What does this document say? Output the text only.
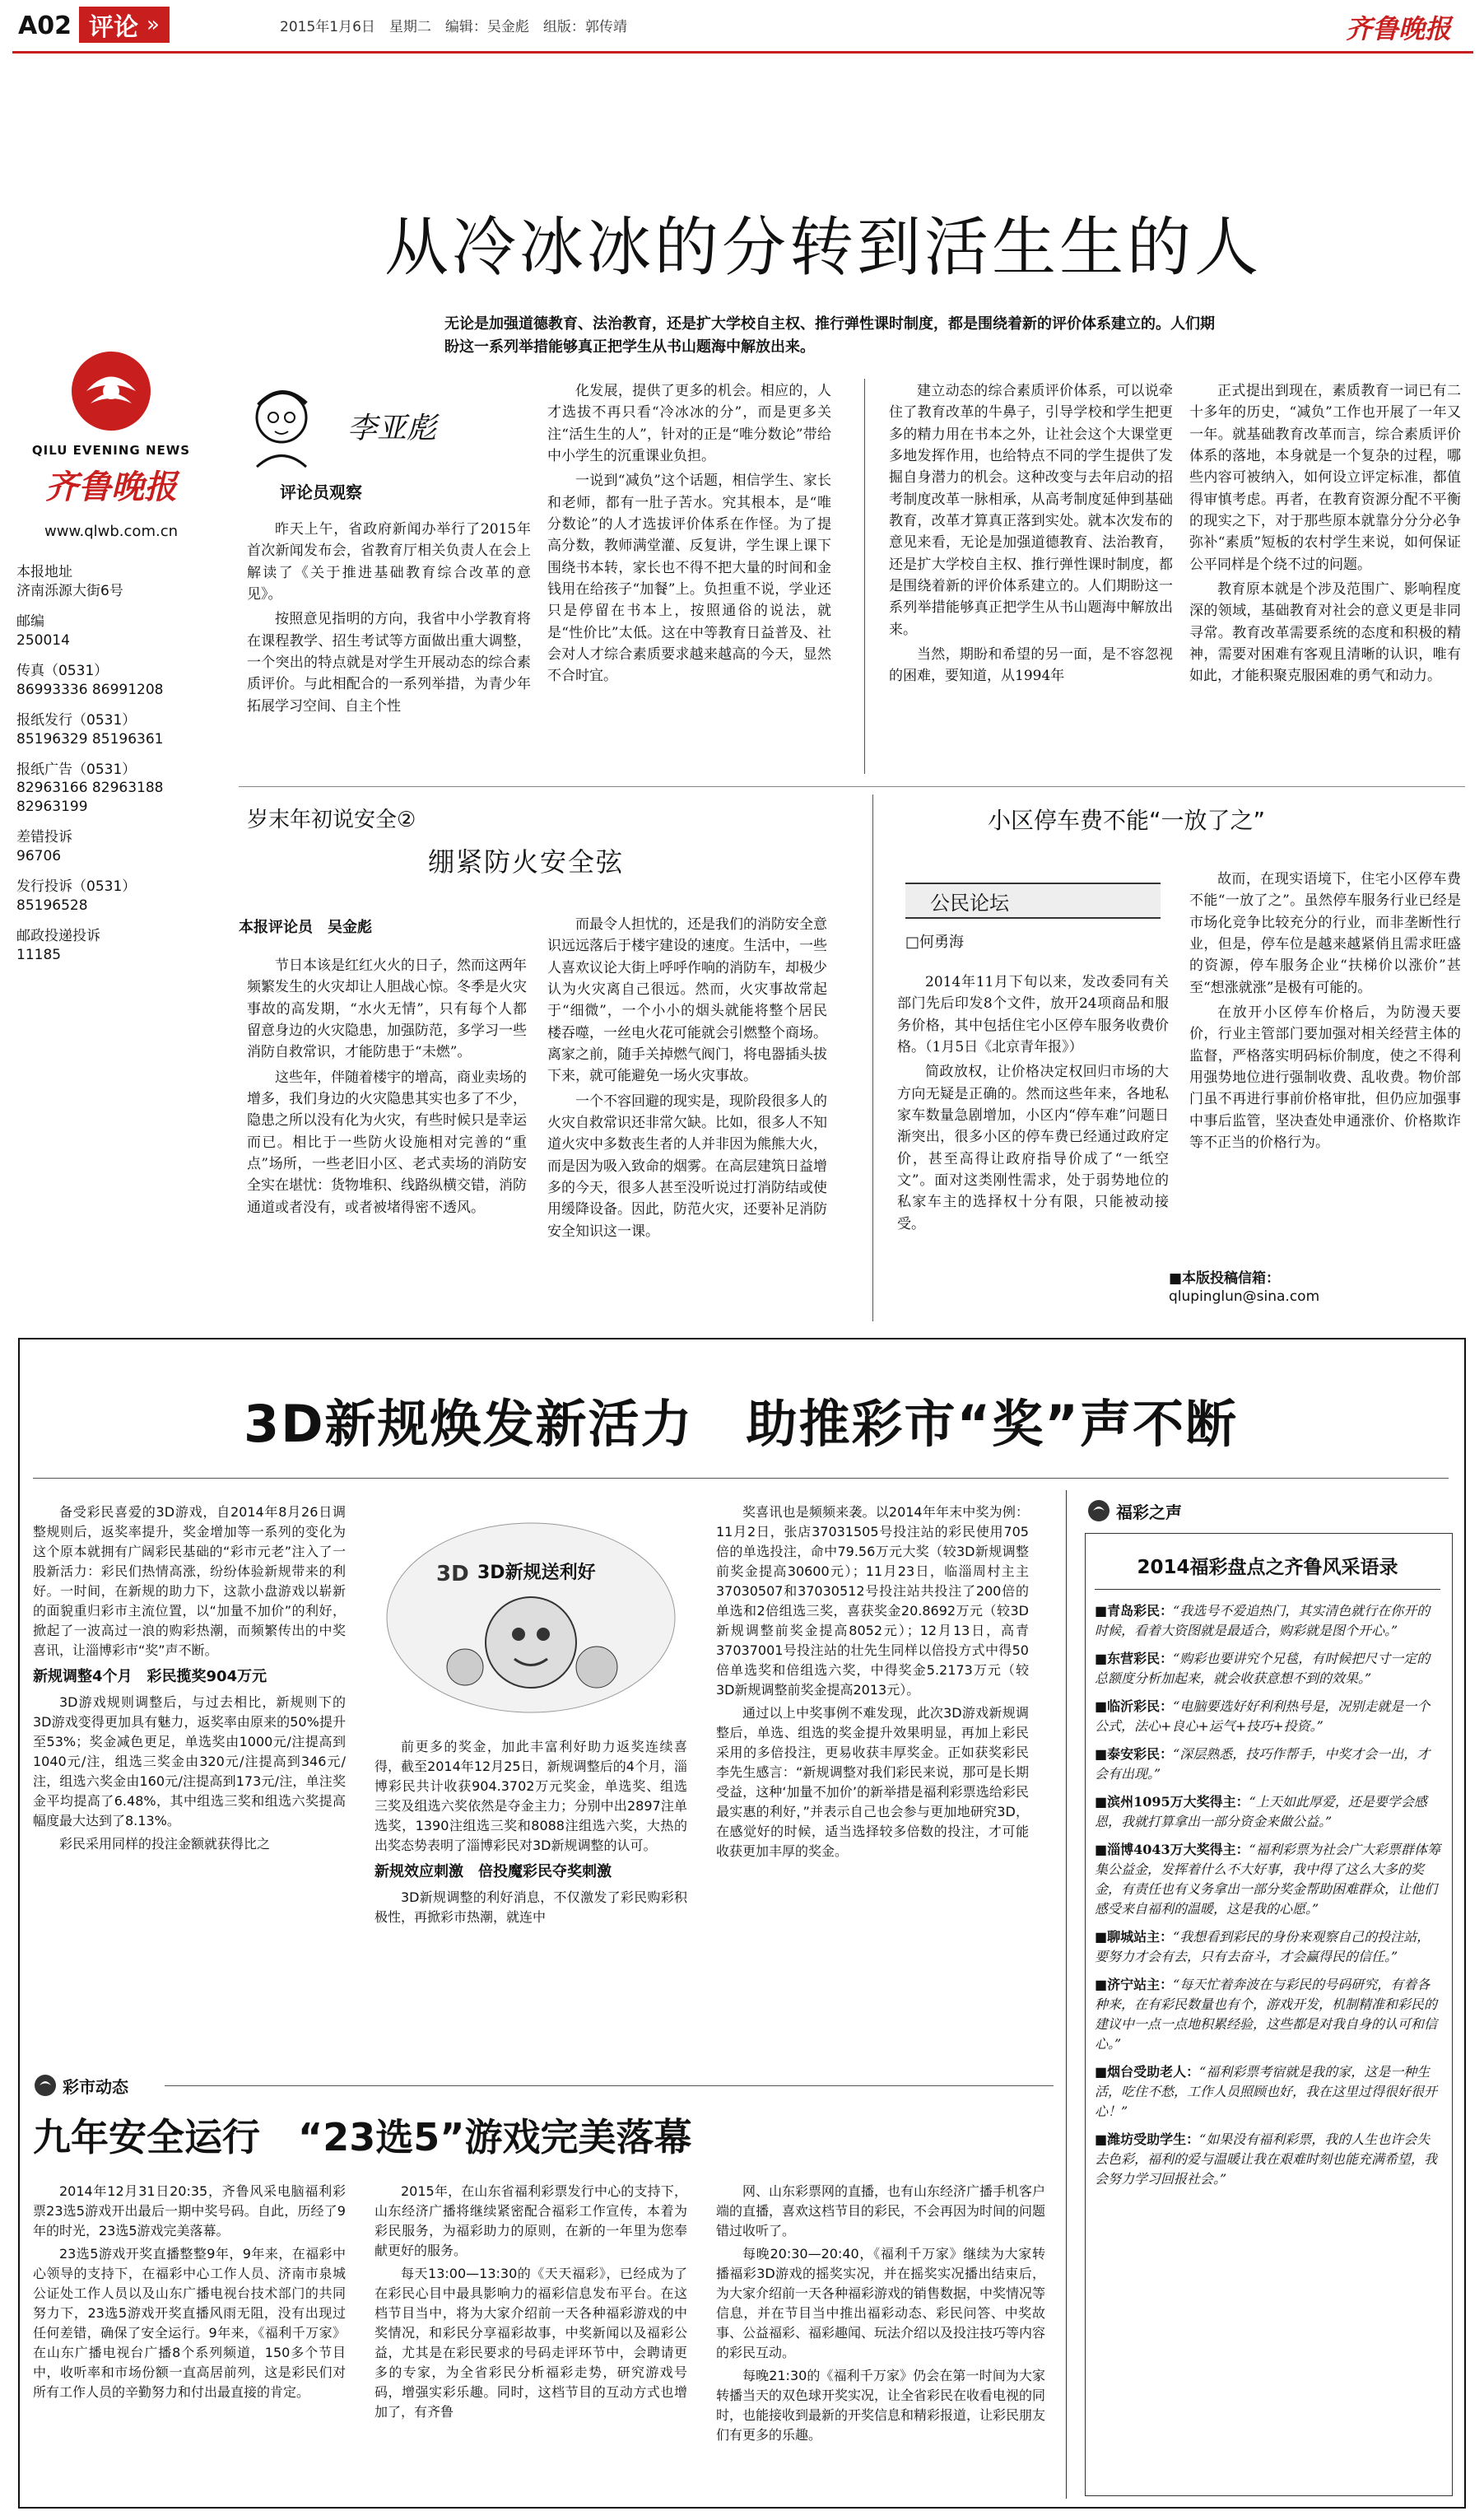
A02 评论 »	2015年1月6日　星期二　编辑：吴金彪　组版：郭传靖	齐鲁晚报
QILU EVENING NEWS
齐鲁晚报
www.qlwb.com.cn
本报地址
济南泺源大街6号
邮编
250014
传真（0531）
86993336 86991208
报纸发行（0531）
85196329 85196361
报纸广告（0531）
82963166 82963188 82963199
差错投诉
96706
发行投诉（0531）
85196528
邮政投递投诉
11185
从冷冰冰的分转到活生生的人
无论是加强道德教育、法治教育，还是扩大学校自主权、推行弹性课时制度，都是围绕着新的评价体系建立的。人们期盼这一系列举措能够真正把学生从书山题海中解放出来。
李亚彪
评论员观察

昨天上午，省政府新闻办举行了2015年首次新闻发布会，省教育厅相关负责人在会上解读了《关于推进基础教育综合改革的意见》。

按照意见指明的方向，我省中小学教育将在课程教学、招生考试等方面做出重大调整，一个突出的特点就是对学生开展动态的综合素质评价。与此相配合的一系列举措，为青少年拓展学习空间、自主个性

化发展，提供了更多的机会。相应的，人才选拔不再只看“冷冰冰的分”，而是更多关注“活生生的人”，针对的正是“唯分数论”带给中小学生的沉重课业负担。

一说到“减负”这个话题，相信学生、家长和老师，都有一肚子苦水。究其根本，是“唯分数论”的人才选拔评价体系在作怪。为了提高分数，教师满堂灌、反复讲，学生课上课下围绕书本转，家长也不得不把大量的时间和金钱用在给孩子“加餐”上。负担重不说，学业还只是停留在书本上，按照通俗的说法，就是“性价比”太低。这在中等教育日益普及、社会对人才综合素质要求越来越高的今天，显然不合时宜。

建立动态的综合素质评价体系，可以说牵住了教育改革的牛鼻子，引导学校和学生把更多的精力用在书本之外，让社会这个大课堂更多地发挥作用，也给特点不同的学生提供了发掘自身潜力的机会。这种改变与去年启动的招考制度改革一脉相承，从高考制度延伸到基础教育，改革才算真正落到实处。就本次发布的意见来看，无论是加强道德教育、法治教育，还是扩大学校自主权、推行弹性课时制度，都是围绕着新的评价体系建立的。人们期盼这一系列举措能够真正把学生从书山题海中解放出来。

当然，期盼和希望的另一面，是不容忽视的困难，要知道，从1994年

正式提出到现在，素质教育一词已有二十多年的历史，“减负”工作也开展了一年又一年。就基础教育改革而言，综合素质评价体系的落地，本身就是一个复杂的过程，哪些内容可被纳入，如何设立评定标准，都值得审慎考虑。再者，在教育资源分配不平衡的现实之下，对于那些原本就靠分分分必争弥补“素质”短板的农村学生来说，如何保证公平同样是个绕不过的问题。

教育原本就是个涉及范围广、影响程度深的领域，基础教育对社会的意义更是非同寻常。教育改革需要系统的态度和积极的精神，需要对困难有客观且清晰的认识，唯有如此，才能积聚克服困难的勇气和动力。

岁末年初说安全②
绷紧防火安全弦
本报评论员　吴金彪

节日本该是红红火火的日子，然而这两年频繁发生的火灾却让人胆战心惊。冬季是火灾事故的高发期，“水火无情”，只有每个人都留意身边的火灾隐患，加强防范，多学习一些消防自救常识，才能防患于“未燃”。

这些年，伴随着楼宇的增高，商业卖场的增多，我们身边的火灾隐患其实也多了不少，隐患之所以没有化为火灾，有些时候只是幸运而已。相比于一些防火设施相对完善的“重点”场所，一些老旧小区、老式卖场的消防安全实在堪忧：货物堆积、线路纵横交错，消防通道或者没有，或者被堵得密不透风。

而最令人担忧的，还是我们的消防安全意识远远落后于楼宇建设的速度。生活中，一些人喜欢议论大街上呼呼作响的消防车，却极少认为火灾离自己很远。然而，火灾事故常起于“细微”，一个小小的烟头就能将整个居民楼吞噬，一丝电火花可能就会引燃整个商场。离家之前，随手关掉燃气阀门，将电器插头拔下来，就可能避免一场火灾事故。

一个不容回避的现实是，现阶段很多人的火灾自救常识还非常欠缺。比如，很多人不知道火灾中多数丧生者的人并非因为熊熊大火，而是因为吸入致命的烟雾。在高层建筑日益增多的今天，很多人甚至没听说过打消防结或使用缓降设备。因此，防范火灾，还要补足消防安全知识这一课。

小区停车费不能“一放了之”
公民论坛
□何勇海

2014年11月下旬以来，发改委同有关部门先后印发8个文件，放开24项商品和服务价格，其中包括住宅小区停车服务收费价格。（1月5日《北京青年报》）

简政放权，让价格决定权回归市场的大方向无疑是正确的。然而这些年来，各地私家车数量急剧增加，小区内“停车难”问题日渐突出，很多小区的停车费已经通过政府定价，甚至高得让政府指导价成了“一纸空文”。面对这类刚性需求，处于弱势地位的私家车主的选择权十分有限，只能被动接受。

故而，在现实语境下，住宅小区停车费不能“一放了之”。虽然停车服务行业已经是市场化竞争比较充分的行业，而非垄断性行业，但是，停车位是越来越紧俏且需求旺盛的资源，停车服务企业“扶梯价以涨价”甚至“想涨就涨”是极有可能的。

在放开小区停车价格后，为防漫天要价，行业主管部门要加强对相关经营主体的监督，严格落实明码标价制度，使之不得利用强势地位进行强制收费、乱收费。物价部门虽不再进行事前价格审批，但仍应加强事中事后监管，坚决查处申通涨价、价格欺诈等不正当的价格行为。

■本版投稿信箱：
qlupinglun@sina.com
3D新规焕发新活力　助推彩市“奖”声不断

备受彩民喜爱的3D游戏，自2014年8月26日调整规则后，返奖率提升，奖金增加等一系列的变化为这个原本就拥有广阔彩民基础的“彩市元老”注入了一股新活力：彩民们热情高涨，纷纷体验新规带来的利好。一时间，在新规的助力下，这款小盘游戏以崭新的面貌重归彩市主流位置，以“加量不加价”的利好，掀起了一波高过一浪的购彩热潮，而频繁传出的中奖喜讯，让淄博彩市“奖”声不断。

新规调整4个月　彩民揽奖904万元

3D游戏规则调整后，与过去相比，新规则下的3D游戏变得更加具有魅力，返奖率由原来的50%提升至53%；奖金减色更足，单选奖由1000元/注提高到1040元/注，组选三奖金由320元/注提高到346元/注，组选六奖金由160元/注提高到173元/注，单注奖金平均提高了6.48%，其中组选三奖和组选六奖提高幅度最大达到了8.13%。

彩民采用同样的投注金额就获得比之

3D 3D新规送利好

前更多的奖金，加此丰富利好助力返奖连续喜得，截至2014年12月25日，新规调整后的4个月，淄博彩民共计收获904.3702万元奖金，单选奖、组选三奖及组选六奖依然是夺金主力；分别中出2897注单选奖，1390注组选三奖和8088注组选六奖，大热的出奖态势表明了淄博彩民对3D新规调整的认可。

新规效应刺激　倍投魔彩民夺奖刺激

3D新规调整的利好消息，不仅激发了彩民购彩积极性，再掀彩市热潮，就连中

奖喜讯也是频频来袭。以2014年年末中奖为例：11月2日，张店37031505号投注站的彩民使用705倍的单选投注，命中79.56万元大奖（较3D新规调整前奖金提高30600元）；11月23日，临淄周村主主37030507和37030512号投注站共投注了200倍的单选和2倍组选三奖，喜获奖金20.8692万元（较3D新规调整前奖金提高8052元）；12月13日，高青37037001号投注站的壮先生同样以倍投方式中得50倍单选奖和倍组选六奖，中得奖金5.2173万元（较3D新规调整前奖金提高2013元）。

通过以上中奖事例不难发现，此次3D游戏新规调整后，单选、组选的奖金提升效果明显，再加上彩民采用的多倍投注，更易收获丰厚奖金。正如获奖彩民李先生感言：“新规调整对我们彩民来说，那可是长期受益，这种‘加量不加价’的新举措是福利彩票选给彩民最实惠的利好，”并表示自己也会参与更加地研究3D，在感觉好的时候，适当选择较多倍数的投注，才可能收获更加丰厚的奖金。

福彩之声
2014福彩盘点之齐鲁风采语录
■青岛彩民：“我选号不爱追热门，其实清色就行在你开的时候，看着大资图就是最适合，购彩就是图个开心。”
■东营彩民：“购彩也要讲究个兄毯，有时候把尺寸一定的总额度分析加起来，就会收获意想不到的效果。”
■临沂彩民：“电脑要选好好利利热号是，况别走就是一个公式，法心+良心+运气+技巧+投资。”
■泰安彩民：“深层熟悉，技巧作帮手，中奖才会一出，才会有出现。”
■滨州1095万大奖得主：“上天如此厚爱，还是要学会感恩，我就打算拿出一部分资金来做公益。”
■淄博4043万大奖得主：“福利彩票为社会广大彩票群体筹集公益金，发挥着什么不大好事，我中得了这么大多的奖金，有责任也有义务拿出一部分奖金帮助困难群众，让他们感受来自福利的温暖，这是我的心愿。”
■聊城站主：“我想看到彩民的身份来观察自己的投注站，要努力才会有去，只有去奋斗，才会赢得民的信任。”
■济宁站主：“每天忙着奔波在与彩民的号码研究，有着各种来，在有彩民数量也有个，游戏开发，机制精准和彩民的建议中一点一点地积累经验，这些都是对我自身的认可和信心。”
■烟台受助老人：“福利彩票考宿就是我的家，这是一种生活，吃住不愁，工作人员照顾也好，我在这里过得很好很开心！”
■潍坊受助学生：“如果没有福利彩票，我的人生也许会失去色彩，福利的爱与温暖让我在艰难时刻也能充满希望，我会努力学习回报社会。”
彩市动态
九年安全运行　“23选5”游戏完美落幕

2014年12月31日20:35，齐鲁风采电脑福利彩票23选5游戏开出最后一期中奖号码。自此，历经了9年的时光，23选5游戏完美落幕。

23选5游戏开奖直播整整9年，9年来，在福彩中心领导的支持下，在福彩中心工作人员、济南市泉城公证处工作人员以及山东广播电视台技术部门的共同努力下，23选5游戏开奖直播风雨无阻，没有出现过任何差错，确保了安全运行。9年来，《福利千万家》在山东广播电视台广播8个系列频道，150多个节目中，收听率和市场份额一直高居前列，这是彩民们对所有工作人员的辛勤努力和付出最直接的肯定。

2015年，在山东省福利彩票发行中心的支持下，山东经济广播将继续紧密配合福彩工作宣传，本着为彩民服务，为福彩助力的原则，在新的一年里为您奉献更好的服务。

每天13:00—13:30的《天天福彩》，已经成为了在彩民心目中最具影响力的福彩信息发布平台。在这档节目当中，将为大家介绍前一天各种福彩游戏的中奖情况，和彩民分享福彩故事，中奖新闻以及福彩公益，尤其是在彩民要求的号码走评环节中，会聘请更多的专家，为全省彩民分析福彩走势，研究游戏号码，增强实彩乐趣。同时，这档节目的互动方式也增加了，有齐鲁

网、山东彩票网的直播，也有山东经济广播手机客户端的直播，喜欢这档节目的彩民，不会再因为时间的问题错过收听了。

每晚20:30—20:40，《福利千万家》继续为大家转播福彩3D游戏的摇奖实况，并在摇奖实况播出结束后，为大家介绍前一天各种福彩游戏的销售数据，中奖情况等信息，并在节目当中推出福彩动态、彩民问答、中奖故事、公益福彩、福彩趣闻、玩法介绍以及投注技巧等内容的彩民互动。

每晚21:30的《福利千万家》仍会在第一时间为大家转播当天的双色球开奖实况，让全省彩民在收看电视的同时，也能接收到最新的开奖信息和精彩报道，让彩民朋友们有更多的乐趣。
